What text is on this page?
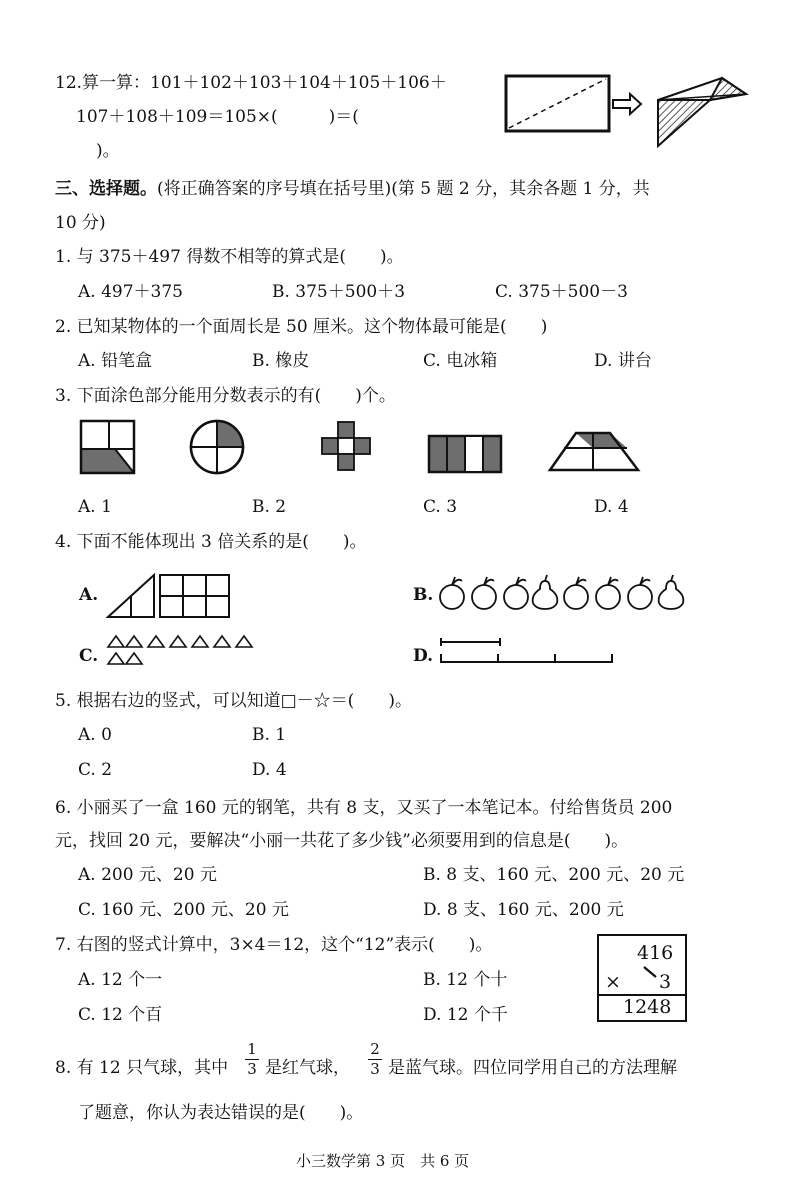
12.算一算：101＋102＋103＋104＋105＋106＋
107＋108＋109＝105×(　　　)＝(
)。
三、选择题。(将正确答案的序号填在括号里)(第 5 题 2 分，其余各题 1 分，共
10 分)
1. 与 375＋497 得数不相等的算式是(　　)。
A. 497＋375	B. 375＋500＋3	C. 375＋500－3
2. 已知某物体的一个面周长是 50 厘米。这个物体最可能是(　　)
A. 铅笔盒	B. 橡皮	C. 电冰箱	D. 讲台
3. 下面涂色部分能用分数表示的有(　　)个。
A. 1	B. 2	C. 3	D. 4
4. 下面不能体现出 3 倍关系的是(　　)。
A.	B.
C.	D.
5. 根据右边的竖式，可以知道□－☆＝(　　)。
A. 0	B. 1
C. 2	D. 4
6. 小丽买了一盒 160 元的钢笔，共有 8 支，又买了一本笔记本。付给售货员 200
元，找回 20 元，要解决“小丽一共花了多少钱”必须要用到的信息是(　　)。
A. 200 元、20 元	B. 8 支、160 元、200 元、20 元
C. 160 元、200 元、20 元	D. 8 支、160 元、200 元
7. 右图的竖式计算中，3×4＝12，这个“12”表示(　　)。
A. 12 个一	B. 12 个十
C. 12 个百	D. 12 个千
416
× 3
1248
8. 有 12 只气球，其中
1
3 是红气球，
2
3 是蓝气球。四位同学用自己的方法理解
了题意，你认为表达错误的是(　　)。
小三数学第 3 页　共 6 页
